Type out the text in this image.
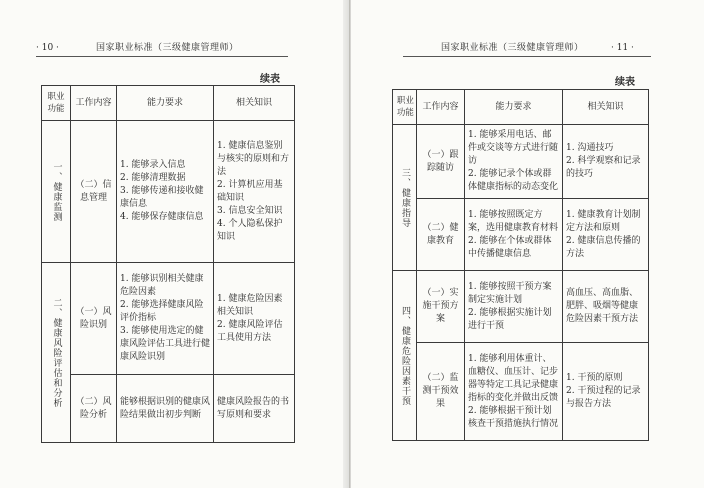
· 10 ·	国家职业标准（三级健康管理师）
续表
职业功能	工作内容	能力要求	相关知识

一、健康监测	（二）信息管理	1. 能够录入信息
2. 能够清理数据
3. 能够传递和接收健康信息
4. 能够保存健康信息	1. 健康信息鉴别与核实的原则和方法
2. 计算机应用基础知识
3. 信息安全知识
4. 个人隐私保护知识

二、健康风险评估和分析	（一）风险识别	1. 能够识别相关健康危险因素
2. 能够选择健康风险评价指标
3. 能够使用选定的健康风险评估工具进行健康风险识别	1. 健康危险因素相关知识
2. 健康风险评估工具使用方法

	（二）风险分析	能够根据识别的健康风险结果做出初步判断	健康风险报告的书写原则和要求
国家职业标准（三级健康管理师）	· 11 ·
续表
职业功能	工作内容	能力要求	相关知识

三、健康指导	（一）跟踪随访	1. 能够采用电话、邮件或交谈等方式进行随访
2. 能够记录个体或群体健康指标的动态变化	1. 沟通技巧
2. 科学观察和记录的技巧

	（二）健康教育	1. 能够按照既定方案，选用健康教育材料
2. 能够在个体或群体中传播健康信息	1. 健康教育计划制定方法和原则
2. 健康信息传播的方法

四、健康危险因素干预	（一）实施干预方案	1. 能够按照干预方案制定实施计划
2. 能够根据实施计划进行干预	高血压、高血脂、肥胖、吸烟等健康危险因素干预方法

	（二）监测干预效果	1. 能够利用体重计、血糖仪、血压计、记步器等特定工具记录健康指标的变化并做出反馈
2. 能够根据干预计划核查干预措施执行情况	1. 干预的原则
2. 干预过程的记录与报告方法
